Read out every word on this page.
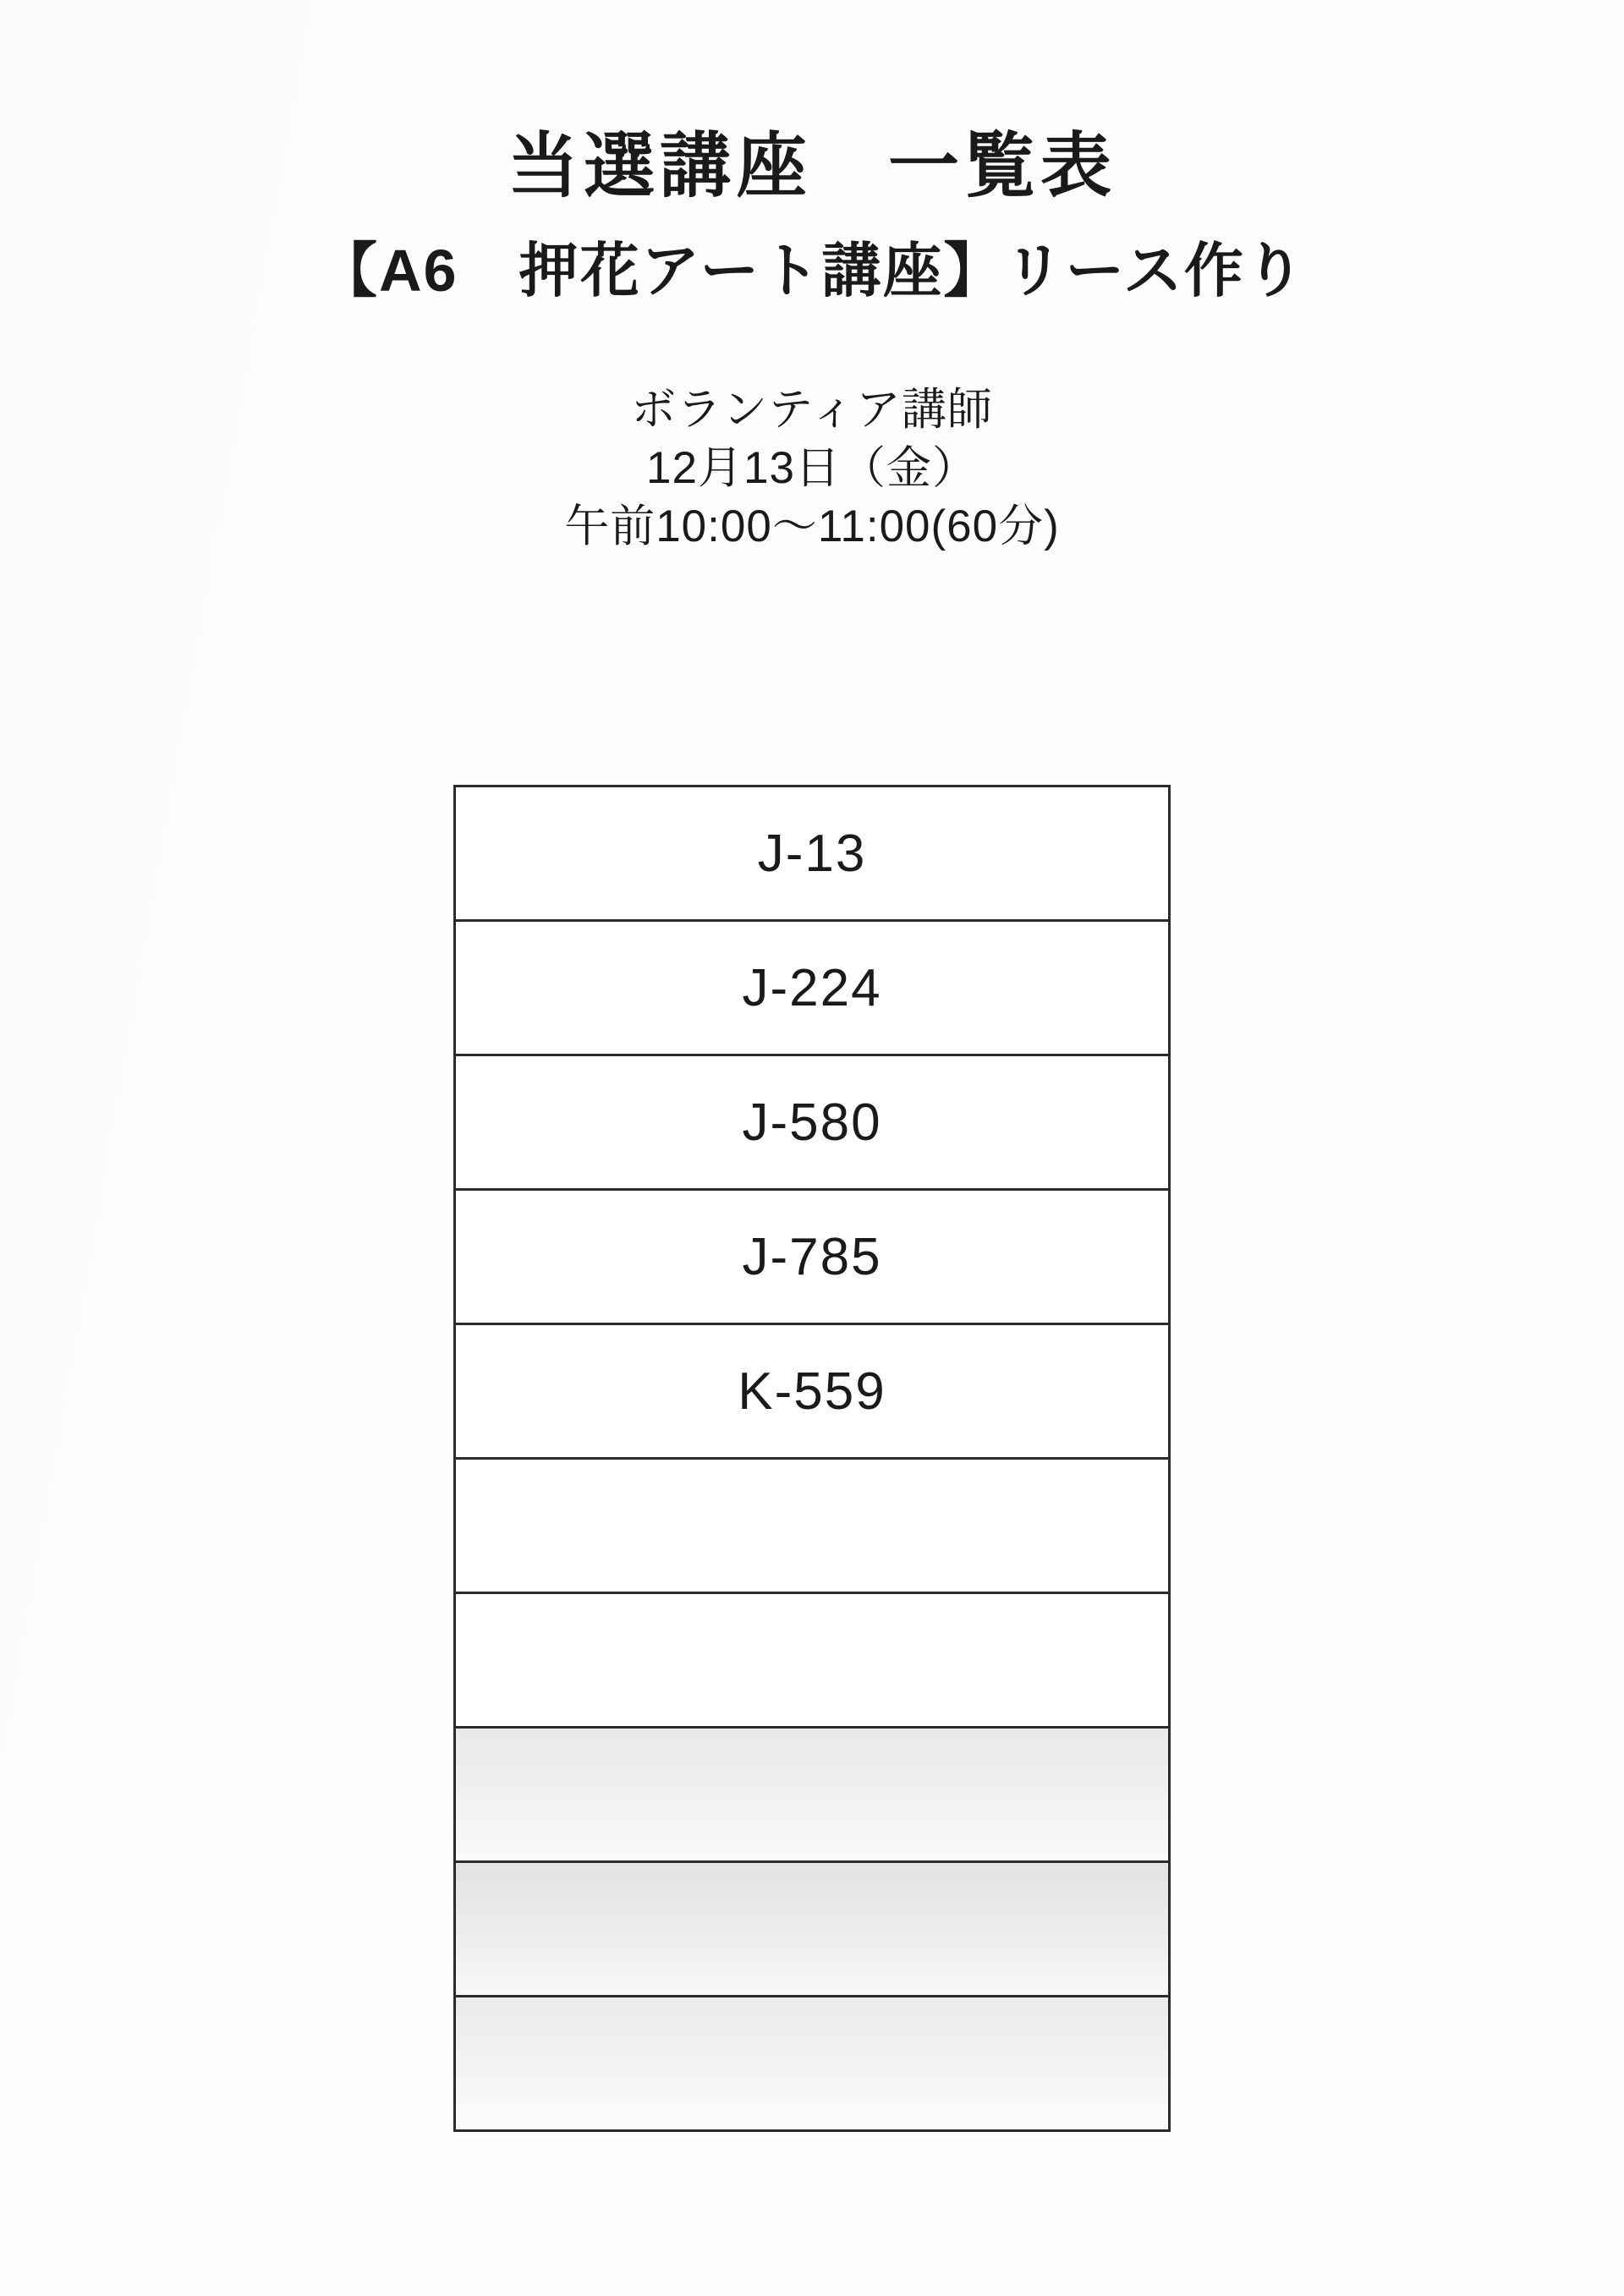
当選講座　一覧表
【A6　押花アート講座】リース作り
ボランティア講師
12月13日（金）
午前10:00〜11:00(60分)
J-13
J-224
J-580
J-785
K-559
